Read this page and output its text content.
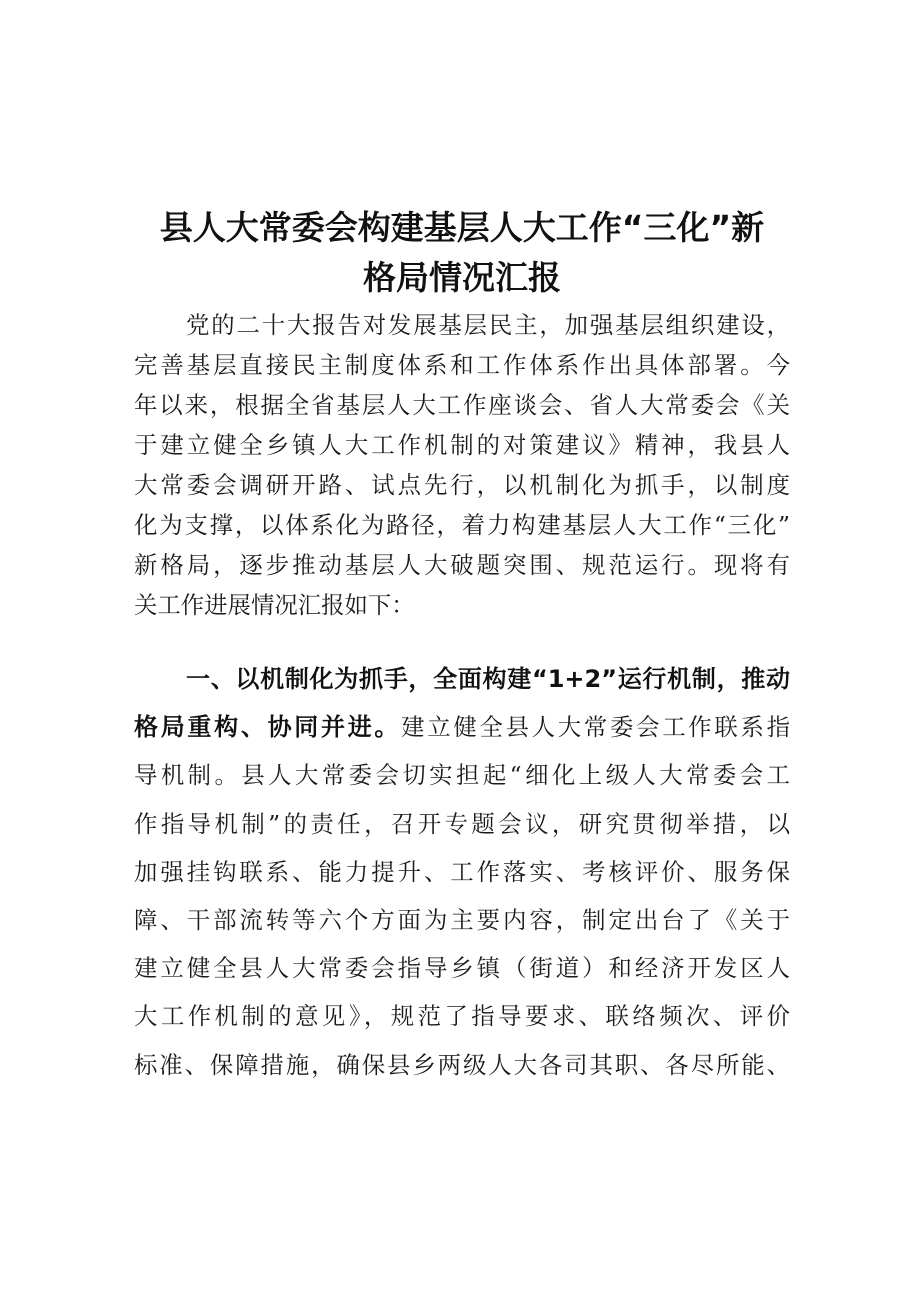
县人大常委会构建基层人大工作“三化”新
格局情况汇报
党的二十大报告对发展基层民主，加强基层组织建设，
完善基层直接民主制度体系和工作体系作出具体部署。今
年以来，根据全省基层人大工作座谈会、省人大常委会《关
于建立健全乡镇人大工作机制的对策建议》精神，我县人
大常委会调研开路、试点先行，以机制化为抓手，以制度
化为支撑，以体系化为路径，着力构建基层人大工作“三化”
新格局，逐步推动基层人大破题突围、规范运行。现将有
关工作进展情况汇报如下：
一、以机制化为抓手，全面构建“1+2”运行机制，推动
格局重构、协同并进。建立健全县人大常委会工作联系指
导机制。县人大常委会切实担起“细化上级人大常委会工
作指导机制”的责任，召开专题会议，研究贯彻举措，以
加强挂钩联系、能力提升、工作落实、考核评价、服务保
障、干部流转等六个方面为主要内容，制定出台了《关于
建立健全县人大常委会指导乡镇（街道）和经济开发区人
大工作机制的意见》，规范了指导要求、联络频次、评价
标准、保障措施，确保县乡两级人大各司其职、各尽所能、
